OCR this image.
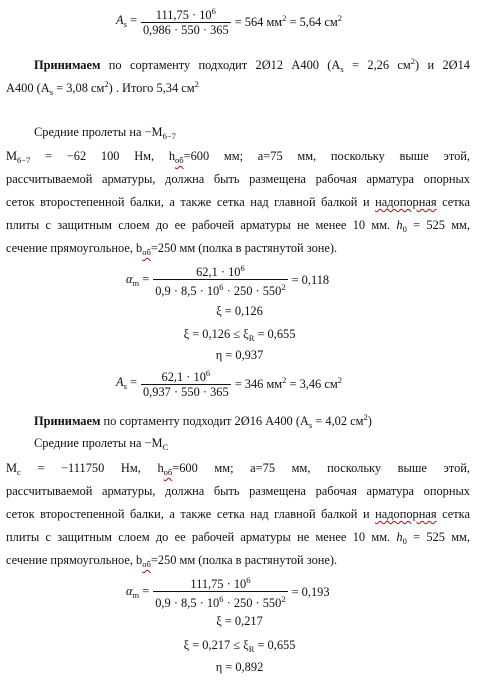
$A_s = \frac{111,75 \cdot 10^6}{0,986 \cdot 550 \cdot 365} = 564$ $мм^2 = 5,64$ $см^2$
Принимаем по сортаменту подходит 2Ø12 А400 ($A_s = 2,26$ $см^2$) и 2Ø14
А400 ($A_s = 3,08$ $см^2$) . Итого 5,34 $см^2$
Средние пролеты на $-M_{6-7}$
$M_{6-7} = -62$ 100 Нм, $h_{об}=600$ мм; a=75 мм, поскольку выше этой,
рассчитываемой арматуры, должна быть размещена рабочая арматура опорных
сеток второстепенной балки, а также сетка над главной балкой и надопорная сетка
плиты с защитным слоем до ее рабочей арматуры не менее 10 мм. $h_0 = 525$ мм,
сечение прямоугольное, $b_{об}=250$ мм (полка в растянутой зоне).
$\alpha_m = \frac{62,1 \cdot 10^6}{0,9 \cdot 8,5 \cdot 10^6 \cdot 250 \cdot 550^2} = 0,118$
ξ = 0,126
$\xi = 0,126 \le \xi_R = 0,655$
η = 0,937
$A_s = \frac{62,1 \cdot 10^6}{0,937 \cdot 550 \cdot 365} = 346$ $мм^2 = 3,46$ $см^2$
Принимаем по сортаменту подходит 2Ø16 А400 ($A_s = 4,02$ $см^2$)
Средние пролеты на $-M_C$
$M_c = -111750$ Нм, $h_{об}=600$ мм; a=75 мм, поскольку выше этой,
рассчитываемой арматуры, должна быть размещена рабочая арматура опорных
сеток второстепенной балки, а также сетка над главной балкой и надопорная сетка
плиты с защитным слоем до ее рабочей арматуры не менее 10 мм. $h_0 = 525$ мм,
сечение прямоугольное, $b_{об}=250$ мм (полка в растянутой зоне).
$\alpha_m = \frac{111,75 \cdot 10^6}{0,9 \cdot 8,5 \cdot 10^6 \cdot 250 \cdot 550^2} = 0,193$
ξ = 0,217
$\xi = 0,217 \le \xi_R = 0,655$
η = 0,892
